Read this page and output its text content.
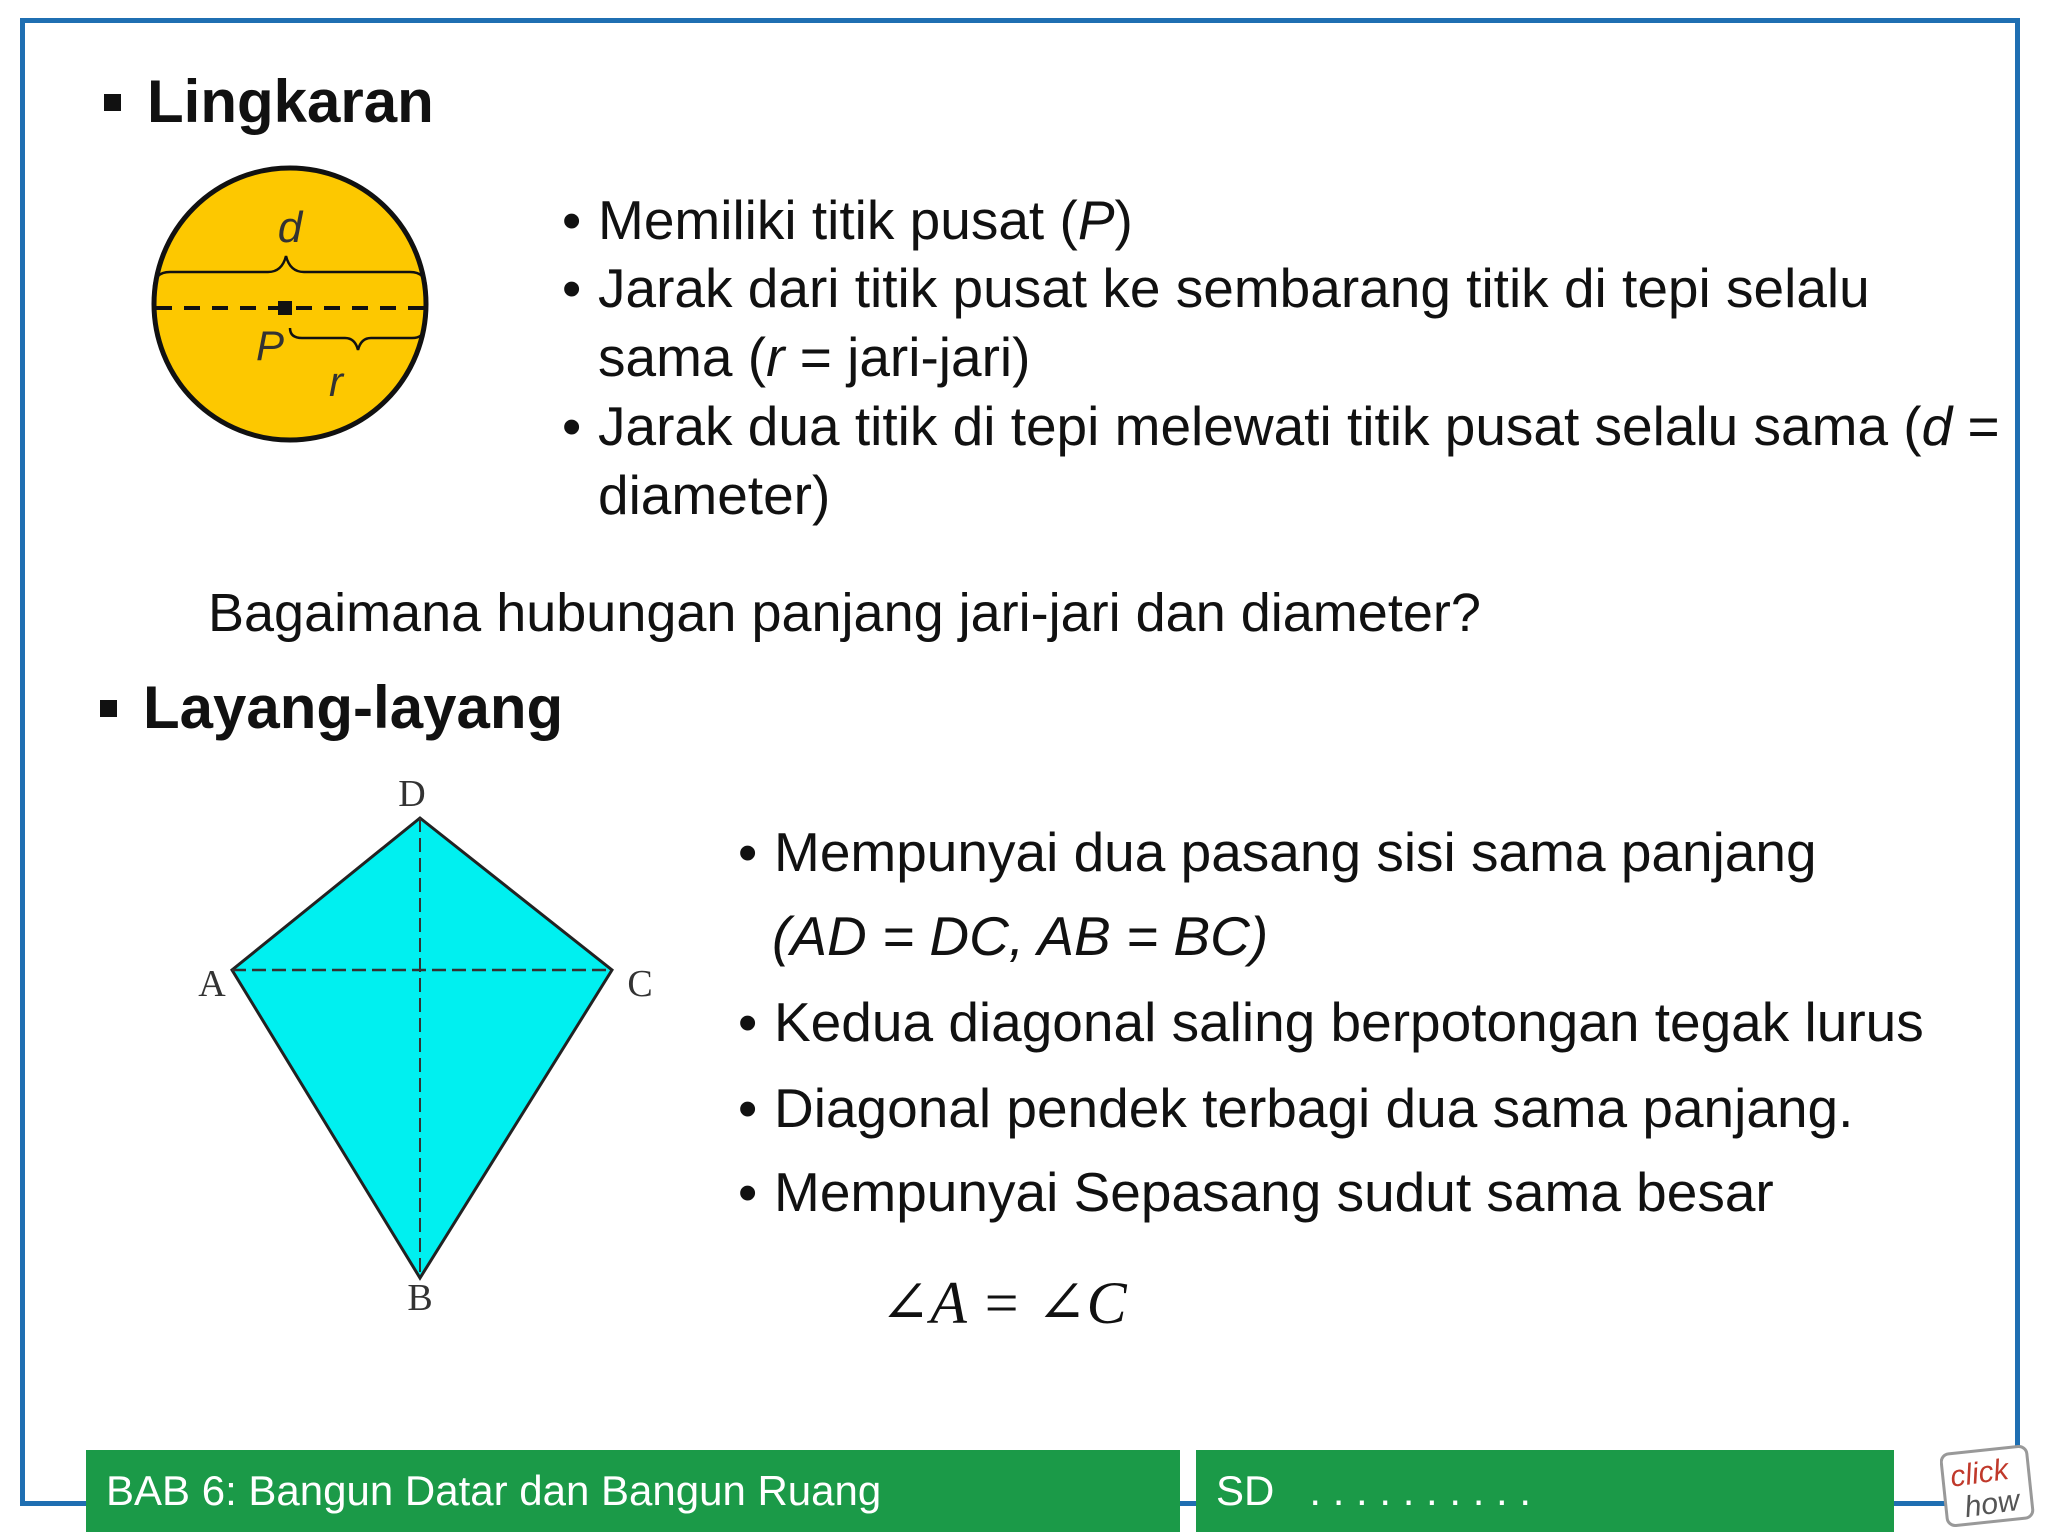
Lingkaran
d
P
r
• Memiliki titik pusat (P)
• Jarak dari titik pusat ke sembarang titik di tepi selalu sama (r = jari-jari)
• Jarak dua titik di tepi melewati titik pusat selalu sama (d = diameter)
Bagaimana hubungan panjang jari-jari dan diameter?
Layang-layang
D
A	C
B
• Mempunyai dua pasang sisi sama panjang
(AD = DC, AB = BC)
• Kedua diagonal saling berpotongan tegak lurus
• Diagonal pendek terbagi dua sama panjang.
• Mempunyai Sepasang sudut sama besar
∠A = ∠C
BAB 6: Bangun Datar dan Bangun Ruang	SD   . . . . . . . . . .	click
how
